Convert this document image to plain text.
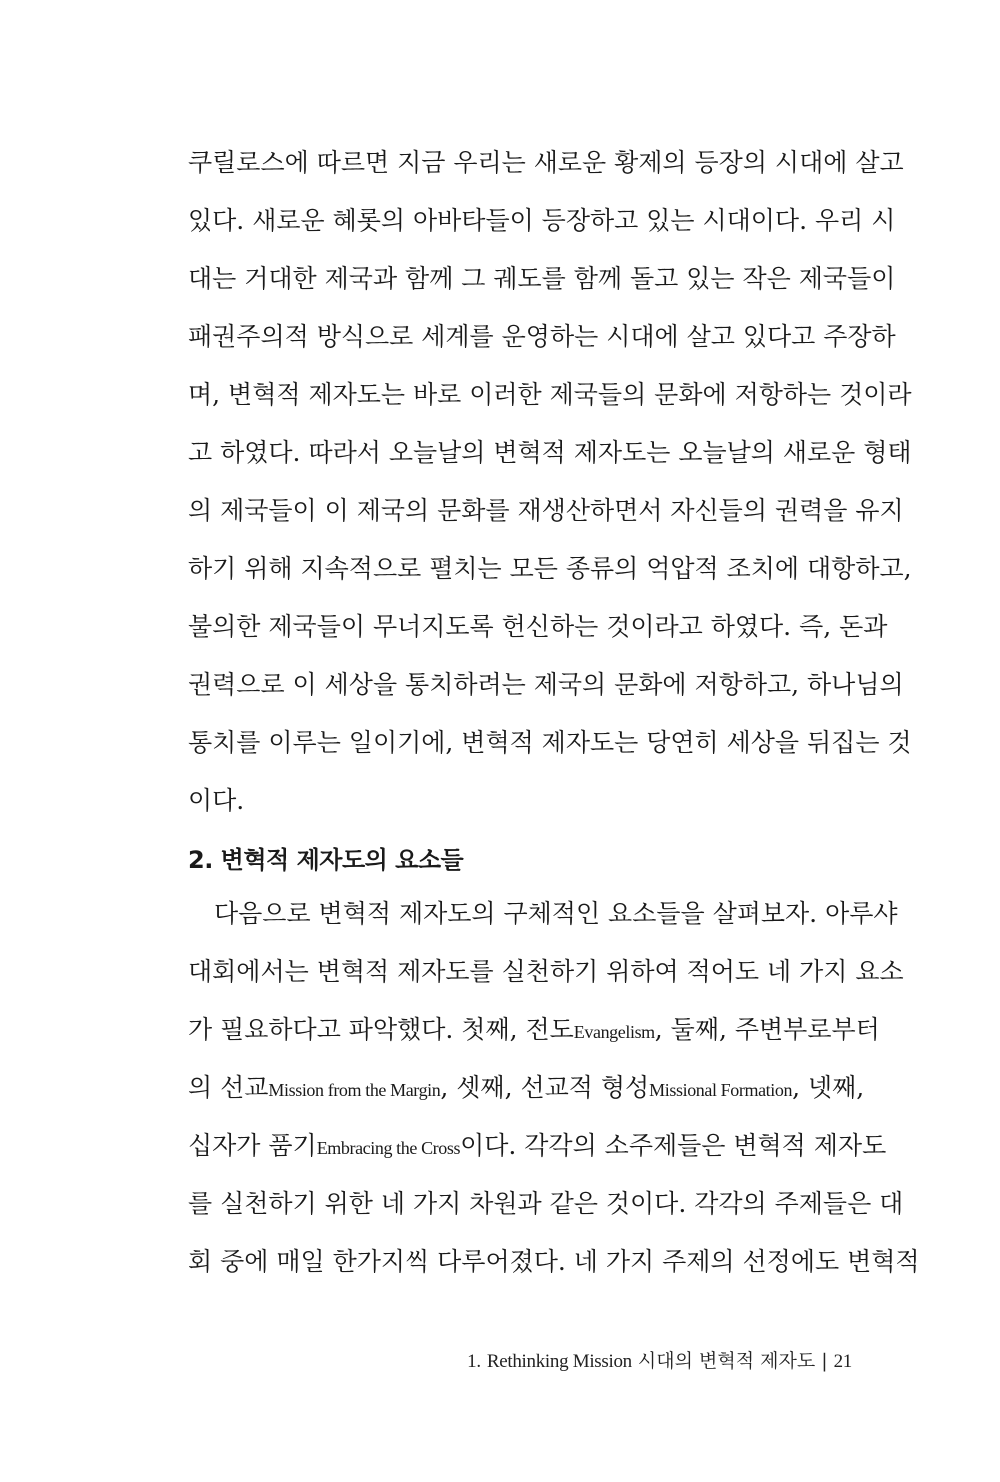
쿠릴로스에 따르면 지금 우리는 새로운 황제의 등장의 시대에 살고
있다. 새로운 혜롯의 아바타들이 등장하고 있는 시대이다. 우리 시
대는 거대한 제국과 함께 그 궤도를 함께 돌고 있는 작은 제국들이
패권주의적 방식으로 세계를 운영하는 시대에 살고 있다고 주장하
며, 변혁적 제자도는 바로 이러한 제국들의 문화에 저항하는 것이라
고 하였다. 따라서 오늘날의 변혁적 제자도는 오늘날의 새로운 형태
의 제국들이 이 제국의 문화를 재생산하면서 자신들의 권력을 유지
하기 위해 지속적으로 펼치는 모든 종류의 억압적 조치에 대항하고,
불의한 제국들이 무너지도록 헌신하는 것이라고 하였다. 즉, 돈과
권력으로 이 세상을 통치하려는 제국의 문화에 저항하고, 하나님의
통치를 이루는 일이기에, 변혁적 제자도는 당연히 세상을 뒤집는 것
이다.
2. 변혁적 제자도의 요소들
다음으로 변혁적 제자도의 구체적인 요소들을 살펴보자. 아루샤
대회에서는 변혁적 제자도를 실천하기 위하여 적어도 네 가지 요소
가 필요하다고 파악했다. 첫째, 전도Evangelism, 둘째, 주변부로부터
의 선교Mission from the Margin, 셋째, 선교적 형성Missional Formation, 넷째,
십자가 품기Embracing the Cross이다. 각각의 소주제들은 변혁적 제자도
를 실천하기 위한 네 가지 차원과 같은 것이다. 각각의 주제들은 대
회 중에 매일 한가지씩 다루어졌다. 네 가지 주제의 선정에도 변혁적
1. Rethinking Mission 시대의 변혁적 제자도 | 21
